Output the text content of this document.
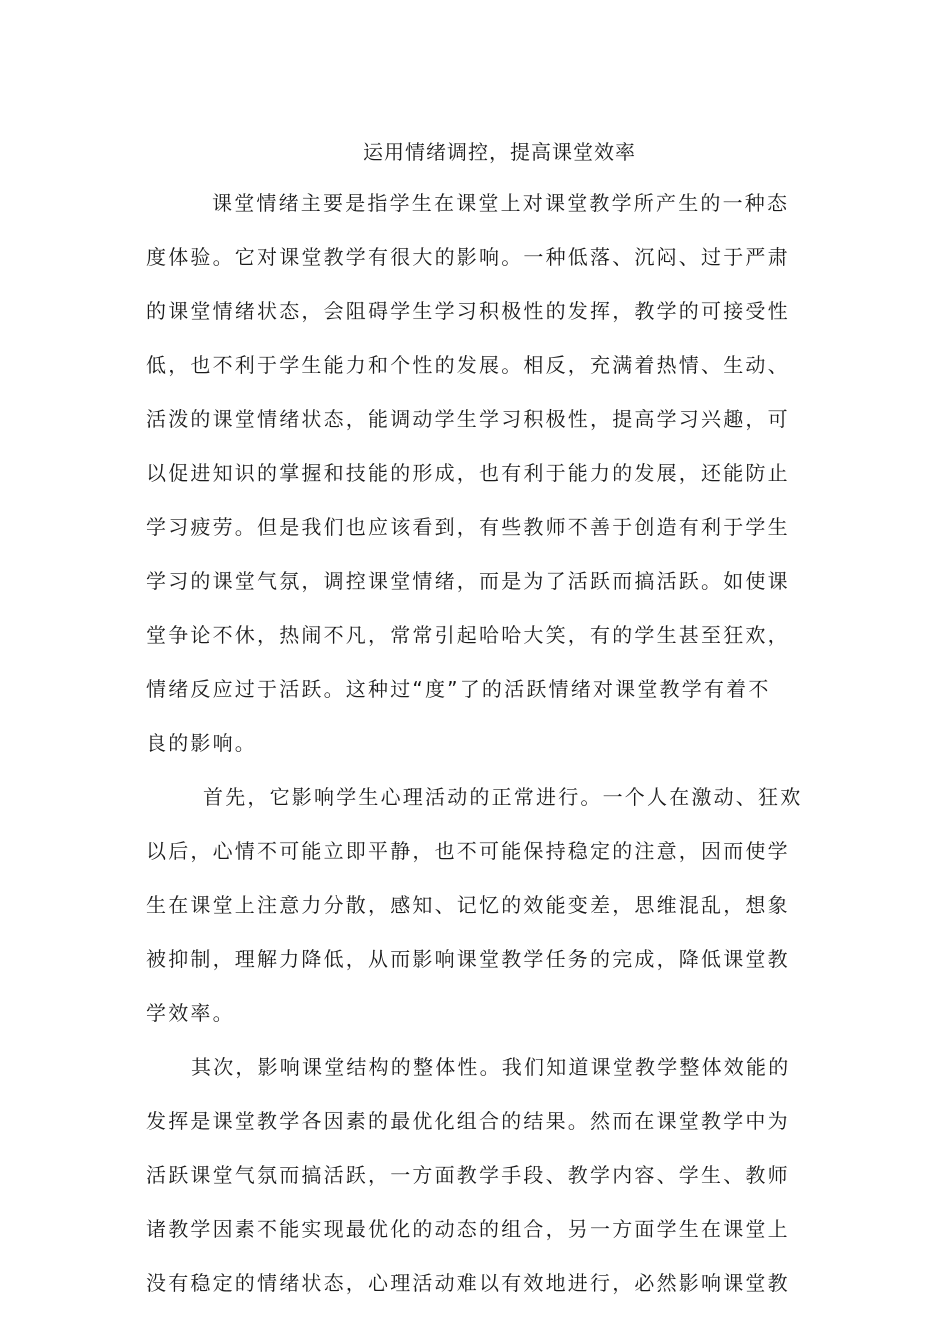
运用情绪调控，提高课堂效率
课堂情绪主要是指学生在课堂上对课堂教学所产生的一种态
度体验。它对课堂教学有很大的影响。一种低落、沉闷、过于严肃
的课堂情绪状态，会阻碍学生学习积极性的发挥，教学的可接受性
低，也不利于学生能力和个性的发展。相反，充满着热情、生动、
活泼的课堂情绪状态，能调动学生学习积极性，提高学习兴趣，可
以促进知识的掌握和技能的形成，也有利于能力的发展，还能防止
学习疲劳。但是我们也应该看到，有些教师不善于创造有利于学生
学习的课堂气氛，调控课堂情绪，而是为了活跃而搞活跃。如使课
堂争论不休，热闹不凡，常常引起哈哈大笑，有的学生甚至狂欢，
情绪反应过于活跃。这种过“度”了的活跃情绪对课堂教学有着不
良的影响。
首先，它影响学生心理活动的正常进行。一个人在激动、狂欢
以后，心情不可能立即平静，也不可能保持稳定的注意，因而使学
生在课堂上注意力分散，感知、记忆的效能变差，思维混乱，想象
被抑制，理解力降低，从而影响课堂教学任务的完成，降低课堂教
学效率。
其次，影响课堂结构的整体性。我们知道课堂教学整体效能的
发挥是课堂教学各因素的最优化组合的结果。然而在课堂教学中为
活跃课堂气氛而搞活跃，一方面教学手段、教学内容、学生、教师
诸教学因素不能实现最优化的动态的组合，另一方面学生在课堂上
没有稳定的情绪状态，心理活动难以有效地进行，必然影响课堂教
